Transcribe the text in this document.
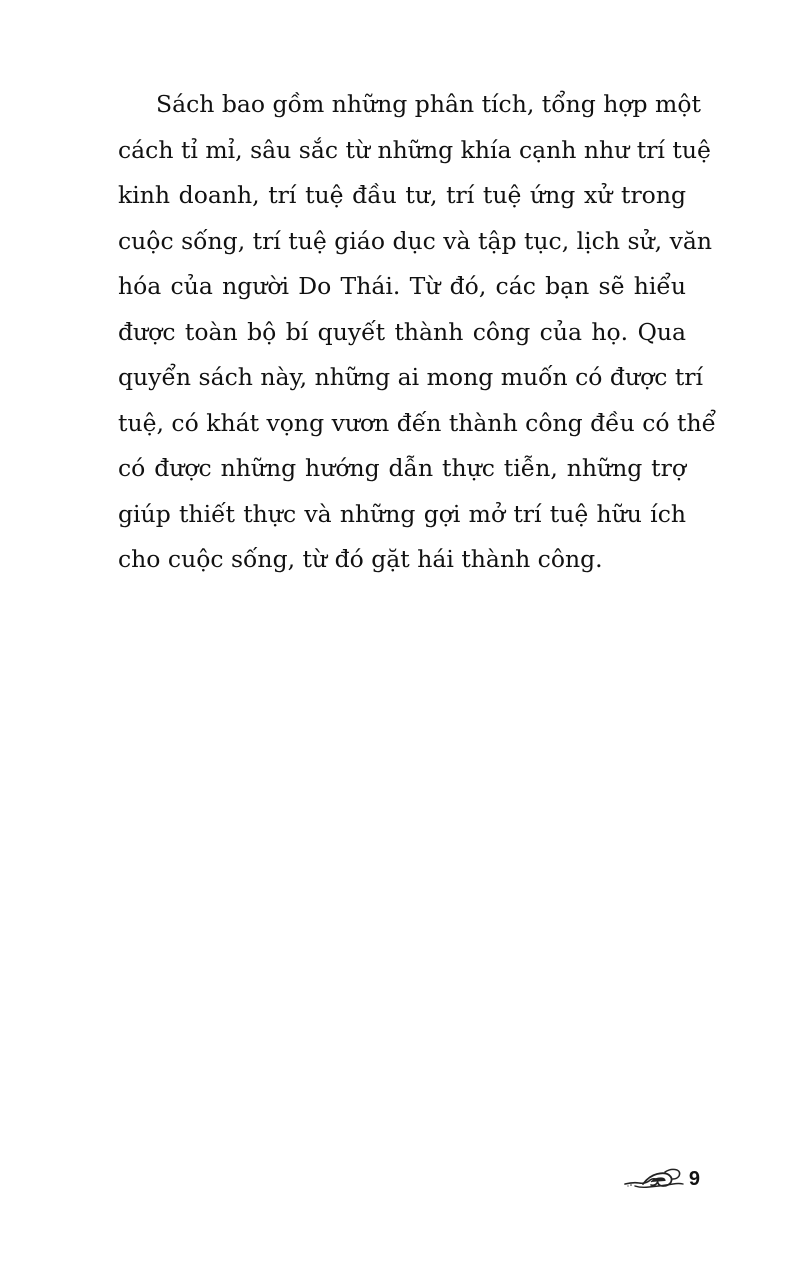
Sách bao gồm những phân tích, tổng hợp một
cách tỉ mỉ, sâu sắc từ những khía cạnh như trí tuệ
kinh doanh, trí tuệ đầu tư, trí tuệ ứng xử trong
cuộc sống, trí tuệ giáo dục và tập tục, lịch sử, văn
hóa của người Do Thái. Từ đó, các bạn sẽ hiểu
được toàn bộ bí quyết thành công của họ. Qua
quyển sách này, những ai mong muốn có được trí
tuệ, có khát vọng vươn đến thành công đều có thể
có được những hướng dẫn thực tiễn, những trợ
giúp thiết thực và những gợi mở trí tuệ hữu ích
cho cuộc sống, từ đó gặt hái thành công.
9
